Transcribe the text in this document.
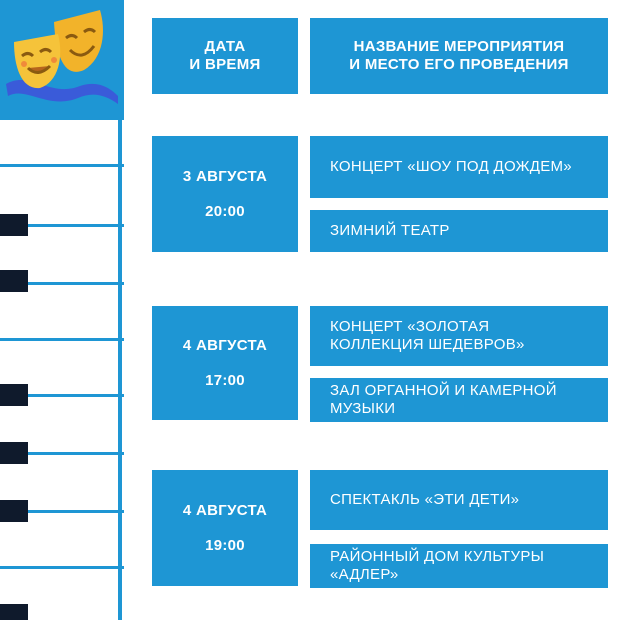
ДАТА
И ВРЕМЯ
НАЗВАНИЕ МЕРОПРИЯТИЯ
И МЕСТО ЕГО ПРОВЕДЕНИЯ
3 АВГУСТА
20:00
КОНЦЕРТ «ШОУ ПОД ДОЖДЕМ»
ЗИМНИЙ ТЕАТР
4 АВГУСТА
17:00
КОНЦЕРТ «ЗОЛОТАЯ
КОЛЛЕКЦИЯ ШЕДЕВРОВ»
ЗАЛ ОРГАННОЙ И КАМЕРНОЙ
МУЗЫКИ
4 АВГУСТА
19:00
СПЕКТАКЛЬ «ЭТИ ДЕТИ»
РАЙОННЫЙ ДОМ КУЛЬТУРЫ
«АДЛЕР»
